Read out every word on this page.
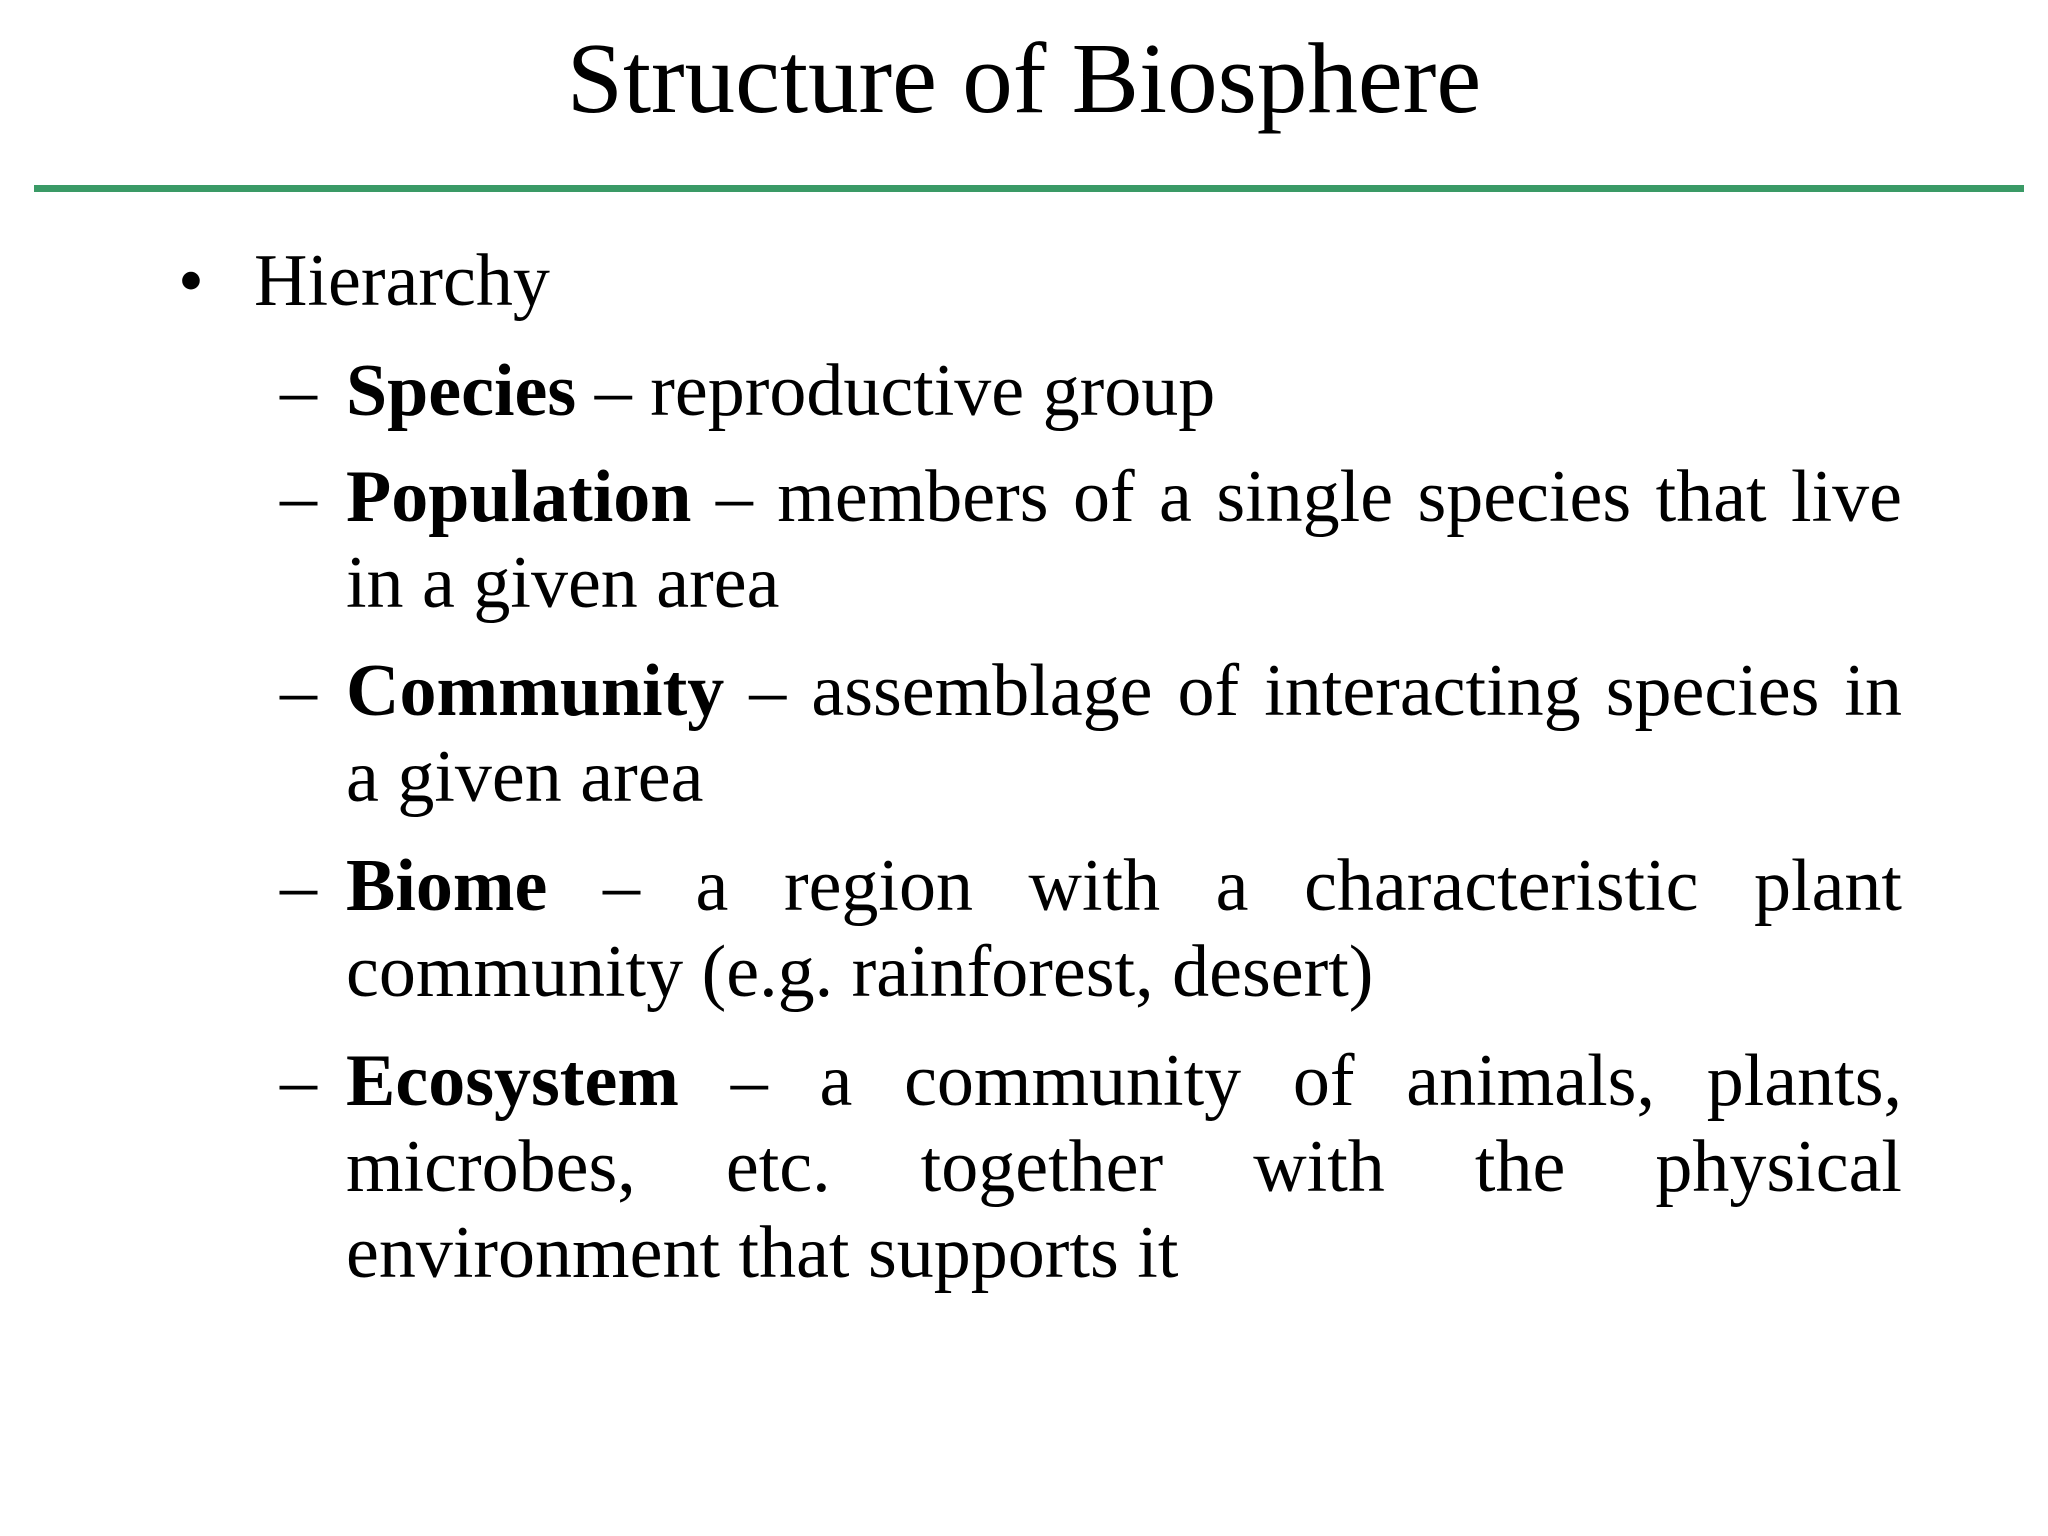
Structure of Biosphere
• Hierarchy
– Species – reproductive group
– Population – members of a single species that live in a given area
– Community – assemblage of interacting species in a given area
– Biome – a region with a characteristic plant community (e.g. rainforest, desert)
– Ecosystem – a community of animals, plants, microbes, etc. together with the physical environment that supports it
